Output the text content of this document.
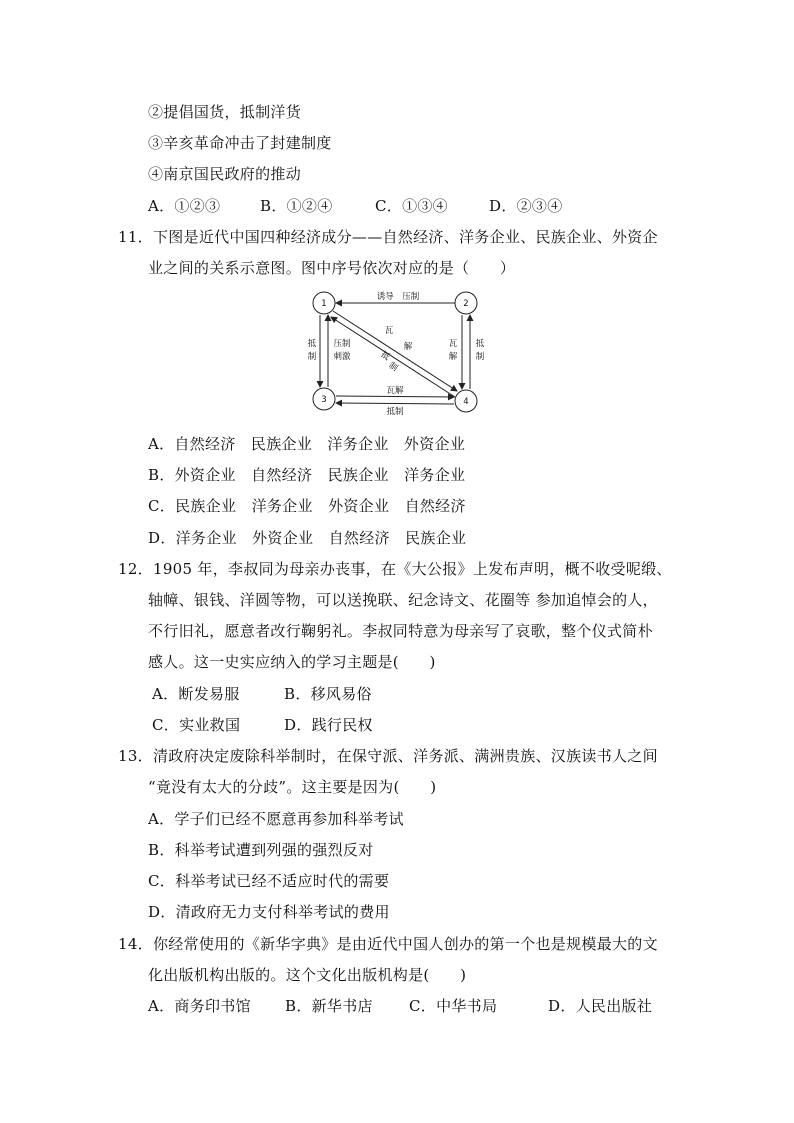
②提倡国货，抵制洋货
③辛亥革命冲击了封建制度
④南京国民政府的推动
A．①②③	B．①②④	C．①③④	D．②③④
11．下图是近代中国四种经济成分——自然经济、洋务企业、民族企业、外资企
业之间的关系示意图。图中序号依次对应的是（　　）
1	2
3	4
诱导　压制
瓦解
抵制
抵
制
压制
刺激
瓦
解
抵
制
瓦
解
抵
制
A．自然经济　民族企业　洋务企业　外资企业
B．外资企业　自然经济　民族企业　洋务企业
C．民族企业　洋务企业　外资企业　自然经济
D．洋务企业　外资企业　自然经济　民族企业
12．1905 年，李叔同为母亲办丧事，在《大公报》上发布声明，概不收受呢缎、
轴幛、银钱、洋圆等物，可以送挽联、纪念诗文、花圈等 参加追悼会的人，
不行旧礼，愿意者改行鞠躬礼。李叔同特意为母亲写了哀歌，整个仪式简朴
感人。这一史实应纳入的学习主题是(　　)
A．断发易服	B．移风易俗
C．实业救国	D．践行民权
13．清政府决定废除科举制时，在保守派、洋务派、满洲贵族、汉族读书人之间
“竟没有太大的分歧”。这主要是因为(　　)
A．学子们已经不愿意再参加科举考试
B．科举考试遭到列强的强烈反对
C．科举考试已经不适应时代的需要
D．清政府无力支付科举考试的费用
14．你经常使用的《新华字典》是由近代中国人创办的第一个也是规模最大的文
化出版机构出版的。这个文化出版机构是(　　)
A．商务印书馆 B．新华书店 C．中华书局	D．人民出版社
